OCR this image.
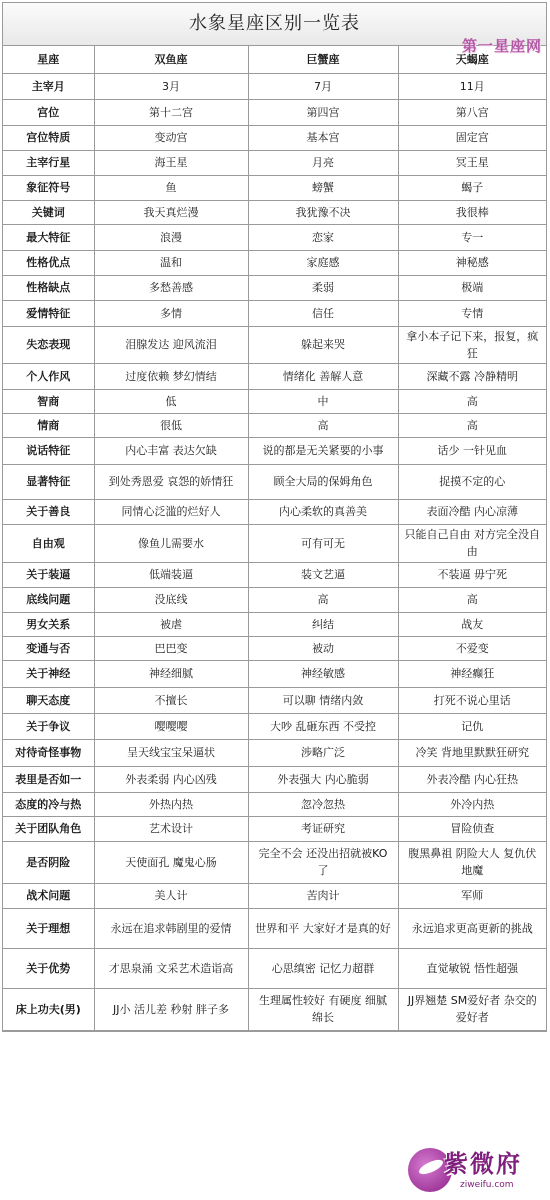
水象星座区别一览表
星座	双鱼座	巨蟹座	天蝎座
主宰月	3月	7月	11月
宫位	第十二宫	第四宫	第八宫
宫位特质	变动宫	基本宫	固定宫
主宰行星	海王星	月亮	冥王星
象征符号	鱼	螃蟹	蝎子
关键词	我天真烂漫	我犹豫不决	我很棒
最大特征	浪漫	恋家	专一
性格优点	温和	家庭感	神秘感
性格缺点	多愁善感	柔弱	极端
爱情特征	多情	信任	专情
失恋表现	泪腺发达 迎风流泪	躲起来哭	拿小本子记下来，报复，疯狂
个人作风	过度依赖 梦幻情结	情绪化 善解人意	深藏不露 冷静精明
智商	低	中	高
情商	很低	高	高
说话特征	内心丰富 表达欠缺	说的都是无关紧要的小事	话少 一针见血
显著特征	到处秀恩爱 哀怨的娇情狂	顾全大局的保姆角色	捉摸不定的心
关于善良	同情心泛滥的烂好人	内心柔软的真善美	表面冷酷 内心凉薄
自由观	像鱼儿需要水	可有可无	只能自己自由 对方完全没自由
关于装逼	低端装逼	装文艺逼	不装逼 毋宁死
底线问题	没底线	高	高
男女关系	被虐	纠结	战友
变通与否	巴巴变	被动	不爱变
关于神经	神经细腻	神经敏感	神经癫狂
聊天态度	不擅长	可以聊 情绪内敛	打死不说心里话
关于争议	嘤嘤嘤	大吵 乱砸东西 不受控	记仇
对待奇怪事物	呈天线宝宝呆逼状	涉略广泛	冷笑 背地里默默狂研究
表里是否如一	外表柔弱 内心凶残	外表强大 内心脆弱	外表冷酷 内心狂热
态度的冷与热	外热内热	忽冷忽热	外冷内热
关于团队角色	艺术设计	考证研究	冒险侦查
是否阴险	天使面孔 魔鬼心肠	完全不会 还没出招就被KO了	腹黑鼻祖 阴险大人 复仇伏地魔
战术问题	美人计	苦肉计	军师
关于理想	永远在追求韩剧里的爱情	世界和平 大家好才是真的好	永远追求更高更新的挑战
关于优势	才思泉涌 文采艺术造诣高	心思缜密 记忆力超群	直觉敏锐 悟性超强
床上功夫(男)	JJ小 活儿差 秒射 胖子多	生理属性较好 有硬度 细腻绵长	JJ界翘楚 SM爱好者 杂交的爱好者
第一星座网
紫微府
ziweifu.com
